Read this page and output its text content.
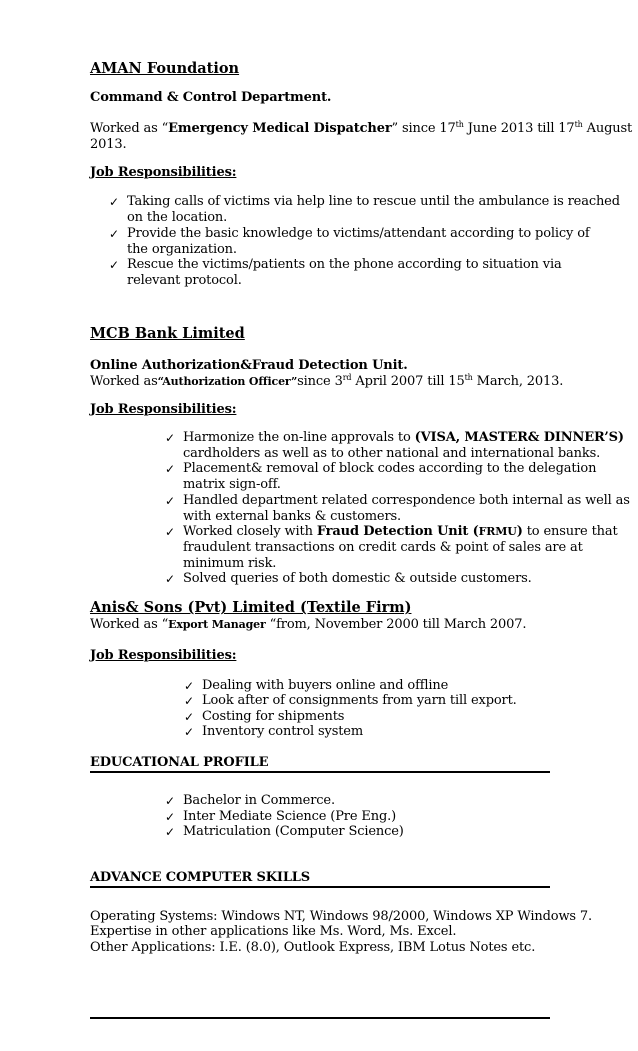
AMAN Foundation
Command & Control Department.
Worked as “Emergency Medical Dispatcher” since 17th June 2013 till 17th August
2013.
Job Responsibilities:
✓ Taking calls of victims via help line to rescue until the ambulance is reached
on the location.
✓ Provide the basic knowledge to victims/attendant according to policy of
the organization.
✓ Rescue the victims/patients on the phone according to situation via
relevant protocol.
MCB Bank Limited
Online Authorization&Fraud Detection Unit.
Worked as“Authorization Officer”since 3rd April 2007 till 15th March, 2013.
Job Responsibilities:
✓ Harmonize the on-line approvals to (VISA, MASTER& DINNER’S)
cardholders as well as to other national and international banks.
✓ Placement& removal of block codes according to the delegation
matrix sign-off.
✓ Handled department related correspondence both internal as well as
with external banks & customers.
✓ Worked closely with Fraud Detection Unit (FRMU) to ensure that
fraudulent transactions on credit cards & point of sales are at
minimum risk.
✓ Solved queries of both domestic & outside customers.
Anis& Sons (Pvt) Limited (Textile Firm)
Worked as “Export Manager “from, November 2000 till March 2007.
Job Responsibilities:
✓ Dealing with buyers online and offline
✓ Look after of consignments from yarn till export.
✓ Costing for shipments
✓ Inventory control system
EDUCATIONAL PROFILE
✓ Bachelor in Commerce.
✓ Inter Mediate Science (Pre Eng.)
✓ Matriculation (Computer Science)
ADVANCE COMPUTER SKILLS
Operating Systems: Windows NT, Windows 98/2000, Windows XP Windows 7.
Expertise in other applications like Ms. Word, Ms. Excel.
Other Applications: I.E. (8.0), Outlook Express, IBM Lotus Notes etc.
